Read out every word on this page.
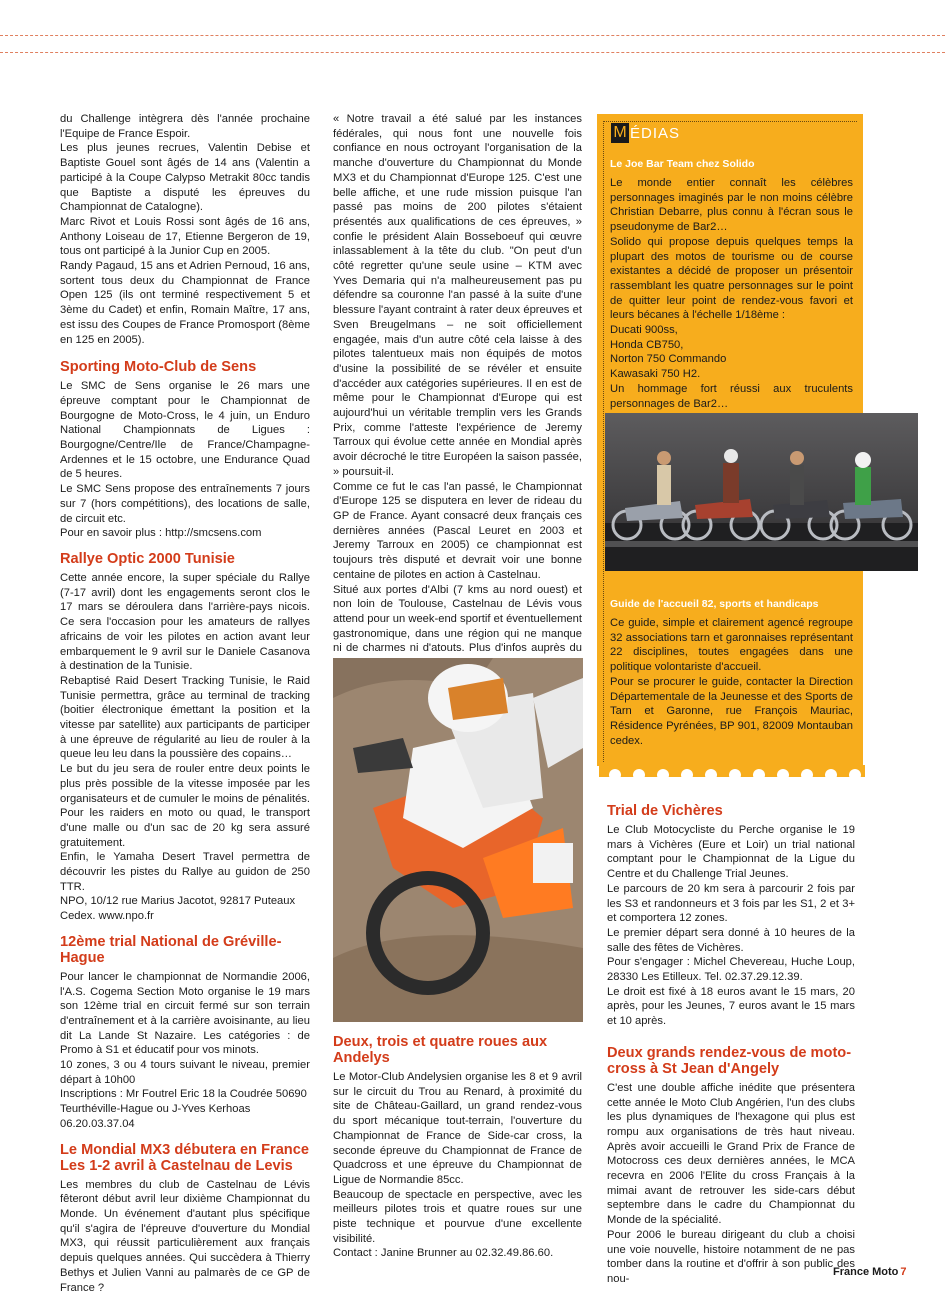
du Challenge intègrera dès l'année prochaine l'Equipe de France Espoir.

Les plus jeunes recrues, Valentin Debise et Baptiste Gouel sont âgés de 14 ans (Valentin a participé à la Coupe Calypso Metrakit 80cc tandis que Baptiste a disputé les épreuves du Championnat de Catalogne).

Marc Rivot et Louis Rossi sont âgés de 16 ans, Anthony Loiseau de 17, Etienne Bergeron de 19, tous ont participé à la Junior Cup en 2005.

Randy Pagaud, 15 ans et Adrien Pernoud, 16 ans, sortent tous deux du Championnat de France Open 125 (ils ont terminé respectivement 5 et 3ème du Cadet) et enfin, Romain Maître, 17 ans, est issu des Coupes de France Promosport (8ème en 125 en 2005).

Sporting Moto-Club de Sens

Le SMC de Sens organise le 26 mars une épreuve comptant pour le Championnat de Bourgogne de Moto-Cross, le 4 juin, un Enduro National Championnats de Ligues : Bourgogne/Centre/Ile de France/Champagne-Ardennes et le 15 octobre, une Endurance Quad de 5 heures.

Le SMC Sens propose des entraînements 7 jours sur 7 (hors compétitions), des locations de salle, de circuit etc.

Pour en savoir plus : http://smcsens.com

Rallye Optic 2000 Tunisie

Cette année encore, la super spéciale du Rallye (7-17 avril) dont les engagements seront clos le 17 mars se déroulera dans l'arrière-pays nicois. Ce sera l'occasion pour les amateurs de rallyes africains de voir les pilotes en action avant leur embarquement le 9 avril sur le Daniele Casanova à destination de la Tunisie.

Rebaptisé Raid Desert Tracking Tunisie, le Raid Tunisie permettra, grâce au terminal de tracking (boitier électronique émettant la position et la vitesse par satellite) aux participants de participer à une épreuve de régularité au lieu de rouler à la queue leu leu dans la poussière des copains…

Le but du jeu sera de rouler entre deux points le plus près possible de la vitesse imposée par les organisateurs et de cumuler le moins de pénalités. Pour les raiders en moto ou quad, le transport d'une malle ou d'un sac de 20 kg sera assuré gratuitement.

Enfin, le Yamaha Desert Travel permettra de découvrir les pistes du Rallye au guidon de 250 TTR.

NPO, 10/12 rue Marius Jacotot, 92817 Puteaux Cedex. www.npo.fr

12ème trial National de Gréville-Hague

Pour lancer le championnat de Normandie 2006, l'A.S. Cogema Section Moto organise le 19 mars son 12ème trial en circuit fermé sur son terrain d'entraînement et à la carrière avoisinante, au lieu dit La Lande St Nazaire. Les catégories : de Promo à S1 et éducatif pour vos minots.

10 zones, 3 ou 4 tours suivant le niveau, premier départ à 10h00

Inscriptions : Mr Foutrel Eric 18 la Coudrée 50690 Teurthéville-Hague ou J-Yves Kerhoas 06.20.03.37.04

Le Mondial MX3 débutera en France Les 1-2 avril à Castelnau de Levis

Les membres du club de Castelnau de Lévis fêteront début avril leur dixième Championnat du Monde. Un événement d'autant plus spécifique qu'il s'agira de l'épreuve d'ouverture du Mondial MX3, qui réussit particulièrement aux français depuis quelques années. Qui succèdera à Thierry Bethys et Julien Vanni au palmarès de ce GP de France ?

« Notre travail a été salué par les instances fédérales, qui nous font une nouvelle fois confiance en nous octroyant l'organisation de la manche d'ouverture du Championnat du Monde MX3 et du Championnat d'Europe 125. C'est une belle affiche, et une rude mission puisque l'an passé pas moins de 200 pilotes s'étaient présentés aux qualifications de ces épreuves, » confie le président Alain Bosseboeuf qui œuvre inlassablement à la tête du club. "On peut d'un côté regretter qu'une seule usine – KTM avec Yves Demaria qui n'a malheureusement pas pu défendre sa couronne l'an passé à la suite d'une blessure l'ayant contraint à rater deux épreuves et Sven Breugelmans – ne soit officiellement engagée, mais d'un autre côté cela laisse à des pilotes talentueux mais non équipés de motos d'usine la possibilité de se révéler et ensuite d'accéder aux catégories supérieures. Il en est de même pour le Championnat d'Europe qui est aujourd'hui un véritable tremplin vers les Grands Prix, comme l'atteste l'expérience de Jeremy Tarroux qui évolue cette année en Mondial après avoir décroché le titre Européen la saison passée, » poursuit-il.

Comme ce fut le cas l'an passé, le Championnat d'Europe 125 se disputera en lever de rideau du GP de France. Ayant consacré deux français ces dernières années (Pascal Leuret en 2003 et Jeremy Tarroux en 2005) ce championnat est toujours très disputé et devrait voir une bonne centaine de pilotes en action à Castelnau.

Situé aux portes d'Albi (7 kms au nord ouest) et non loin de Toulouse, Castelnau de Lévis vous attend pour un week-end sportif et éventuellement gastronomique, dans une région qui ne manque ni de charmes ni d'atouts. Plus d'infos auprès du

Deux, trois et quatre roues aux Andelys

Le Motor-Club Andelysien organise les 8 et 9 avril sur le circuit du Trou au Renard, à proximité du site de Château-Gaillard, un grand rendez-vous du sport mécanique tout-terrain, l'ouverture du Championnat de France de Side-car cross, la seconde épreuve du Championnat de France de Quadcross et une épreuve du Championnat de Ligue de Normandie 85cc.

Beaucoup de spectacle en perspective, avec les meilleurs pilotes trois et quatre roues sur une piste technique et pourvue d'une excellente visibilité.

Contact : Janine Brunner au 02.32.49.86.60.

M ÉDIAS
Le Joe Bar Team chez Solido

Le monde entier connaît les célèbres personnages imaginés par le non moins célèbre Christian Debarre, plus connu à l'écran sous le pseudonyme de Bar2…

Solido qui propose depuis quelques temps la plupart des motos de tourisme ou de course existantes a décidé de proposer un présentoir rassemblant les quatre personnages sur le point de quitter leur point de rendez-vous favori et leurs bécanes à l'échelle 1/18ème :

Ducati 900ss,

Honda CB750,

Norton 750 Commando

Kawasaki 750 H2.

Un hommage fort réussi aux truculents personnages de Bar2…

Guide de l'accueil 82, sports et handicaps

Ce guide, simple et clairement agencé regroupe 32 associations tarn et garonnaises représentant 22 disciplines, toutes engagées dans une politique volontariste d'accueil.

Pour se procurer le guide, contacter la Direction Départementale de la Jeunesse et des Sports de Tarn et Garonne, rue François Mauriac, Résidence Pyrénées, BP 901, 82009 Montauban cedex.

Trial de Vichères

Le Club Motocycliste du Perche organise le 19 mars à Vichères (Eure et Loir) un trial national comptant pour le Championnat de la Ligue du Centre et du Challenge Trial Jeunes.

Le parcours de 20 km sera à parcourir 2 fois par les S3 et randonneurs et 3 fois par les S1, 2 et 3+ et comportera 12 zones.

Le premier départ sera donné à 10 heures de la salle des fêtes de Vichères.

Pour s'engager : Michel Chevereau, Huche Loup, 28330 Les Etilleux. Tel. 02.37.29.12.39.

Le droit est fixé à 18 euros avant le 15 mars, 20 après, pour les Jeunes, 7 euros avant le 15 mars et 10 après.

Deux grands rendez-vous de moto-cross à St Jean d'Angely

C'est une double affiche inédite que présentera cette année le Moto Club Angérien, l'un des clubs les plus dynamiques de l'hexagone qui plus est rompu aux organisations de très haut niveau. Après avoir accueilli le Grand Prix de France de Motocross ces deux dernières années, le MCA recevra en 2006 l'Elite du cross Français à la mimai avant de retrouver les side-cars début septembre dans le cadre du Championnat du Monde de la spécialité.

Pour 2006 le bureau dirigeant du club a choisi une voie nouvelle, histoire notamment de ne pas tomber dans la routine et d'offrir à son public des nou-

France Moto 7
